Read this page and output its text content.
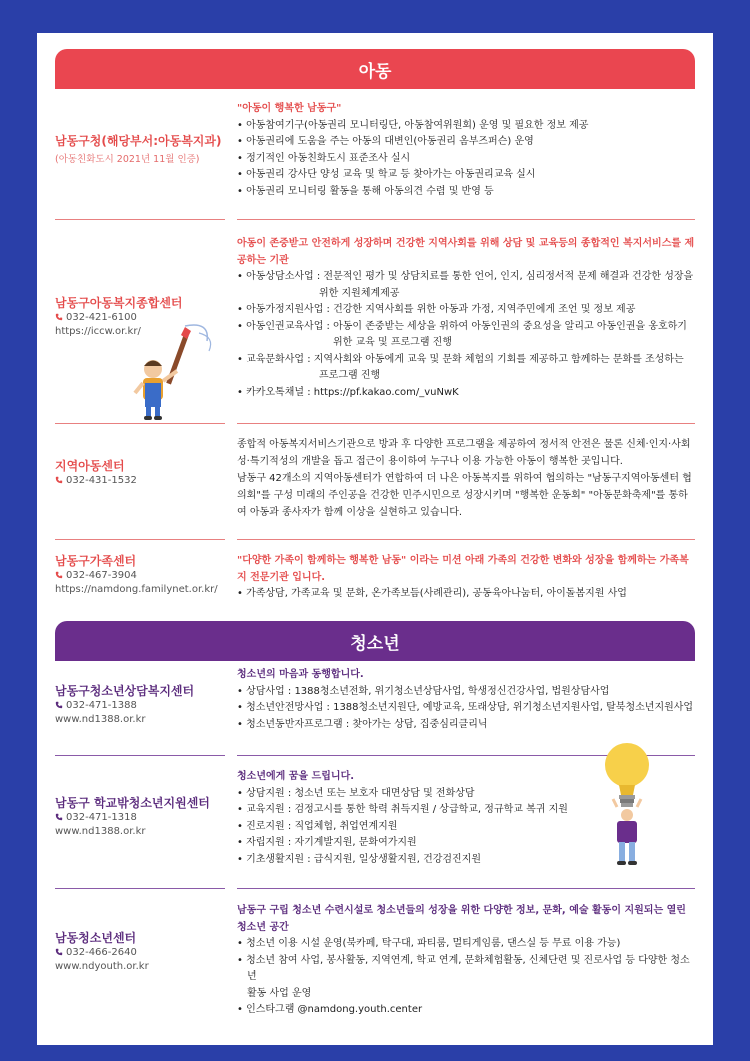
아동
남동구청(해당부서:아동복지과)
(아동친화도시 2021년 11월 인증)
"아동이 행복한 남동구"
• 아동참여기구(아동권리 모니터링단, 아동참여위원회) 운영 및 필요한 정보 제공
• 아동권리에 도움을 주는 아동의 대변인(아동권리 옴부즈퍼슨) 운영
• 정기적인 아동친화도시 표준조사 실시
• 아동권리 강사단 양성 교육 및 학교 등 찾아가는 아동권리교육 실시
• 아동권리 모니터링 활동을 통해 아동의견 수렴 및 반영 등
남동구아동복지종합센터
032-421-6100
https://iccw.or.kr/
아동이 존중받고 안전하게 성장하며 건강한 지역사회를 위해 상담 및 교육등의 종합적인 복지서비스를 제공하는 기관
• 아동상담소사업 : 전문적인 평가 및 상담치료를 통한 언어, 인지, 심리정서적 문제 해결과 건강한 성장을
위한 지원체계제공
• 아동가정지원사업 : 건강한 지역사회를 위한 아동과 가정, 지역주민에게 조언 및 정보 제공
• 아동인권교육사업 : 아동이 존중받는 세상을 위하여 아동인권의 중요성을 알리고 아동인권을 옹호하기
위한 교육 및 프로그램 진행
• 교육문화사업 : 지역사회와 아동에게 교육 및 문화 체험의 기회를 제공하고 함께하는 문화를 조성하는
프로그램 진행
• 카카오톡채널 : https://pf.kakao.com/_vuNwK
지역아동센터
032-431-1532
종합적 아동복지서비스기관으로 방과 후 다양한 프로그램을 제공하여 정서적 안전은 물론 신체·인지·사회성·특기적성의 개발을 돕고 접근이 용이하여 누구나 이용 가능한 아동이 행복한 곳입니다.
남동구 42개소의 지역아동센터가 연합하여 더 나은 아동복지를 위하여 협의하는 "남동구지역아동센터 협의회"를 구성 미래의 주인공을 건강한 민주시민으로 성장시키며 "행복한 운동회" "아동문화축제"를 통하여 아동과 종사자가 함께 이상을 실현하고 있습니다.
남동구가족센터
032-467-3904
https://namdong.familynet.or.kr/
"다양한 가족이 함께하는 행복한 남동" 이라는 미션 아래 가족의 건강한 변화와 성장을 함께하는 가족복지 전문기관 입니다.
• 가족상담, 가족교육 및 문화, 온가족보듬(사례관리), 공동육아나눔터, 아이돌봄지원 사업
청소년
남동구청소년상담복지센터
032-471-1388
www.nd1388.or.kr
청소년의 마음과 동행합니다.
• 상담사업 : 1388청소년전화, 위기청소년상담사업, 학생정신건강사업, 법원상담사업
• 청소년안전망사업 : 1388청소년지원단, 예방교육, 또래상담, 위기청소년지원사업, 탈북청소년지원사업
• 청소년동반자프로그램 : 찾아가는 상담, 집중심리클리닉
남동구 학교밖청소년지원센터
032-471-1318
www.nd1388.or.kr
청소년에게 꿈을 드립니다.
• 상담지원 : 청소년 또는 보호자 대면상담 및 전화상담
• 교육지원 : 검정고시를 통한 학력 취득지원 / 상급학교, 정규학교 복귀 지원
• 진로지원 : 직업체험, 취업연계지원
• 자립지원 : 자기계발지원, 문화여가지원
• 기초생활지원 : 급식지원, 일상생활지원, 건강검진지원
남동청소년센터
032-466-2640
www.ndyouth.or.kr
남동구 구립 청소년 수련시설로 청소년들의 성장을 위한 다양한 정보, 문화, 예술 활동이 지원되는 열린 청소년 공간
• 청소년 이용 시설 운영(북카페, 탁구대, 파티룸, 멀티게임룸, 댄스실 등 무료 이용 가능)
• 청소년 참여 사업, 봉사활동, 지역연계, 학교 연계, 문화체험활동, 신체단련 및 진로사업 등 다양한 청소년
활동 사업 운영
• 인스타그램 @namdong.youth.center
